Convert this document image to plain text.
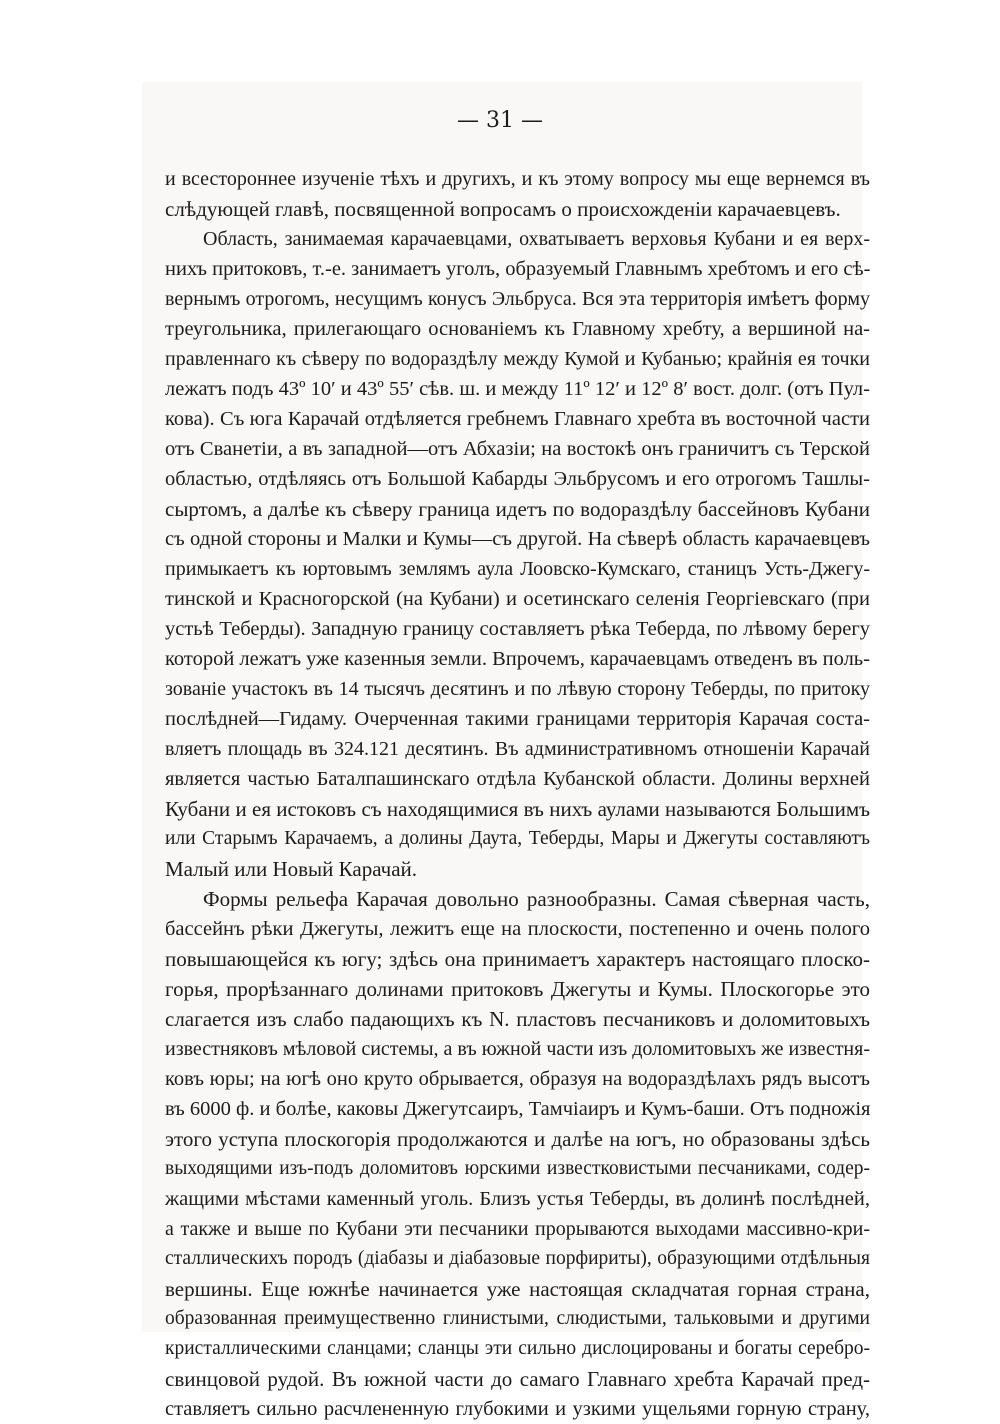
— 31 —
и всестороннее изученіе тѣхъ и другихъ, и къ этому вопросу мы еще вернемся въ
слѣдующей главѣ, посвященной вопросамъ о происхожденіи карачаевцевъ.
Область, занимаемая карачаевцами, охватываетъ верховья Кубани и ея верх-
нихъ притоковъ, т.-е. занимаетъ уголъ, образуемый Главнымъ хребтомъ и его сѣ-
вернымъ отрогомъ, несущимъ конусъ Эльбруса. Вся эта территорія имѣетъ форму
треугольника, прилегающаго основаніемъ къ Главному хребту, а вершиной на-
правленнаго къ сѣверу по водораздѣлу между Кумой и Кубанью; крайнія ея точки
лежатъ подъ 43º 10′ и 43º 55′ сѣв. ш. и между 11º 12′ и 12º 8′ вост. долг. (отъ Пул-
кова). Съ юга Карачай отдѣляется гребнемъ Главнаго хребта въ восточной части
отъ Сванетіи, а въ западной—отъ Абхазіи; на востокѣ онъ граничитъ съ Терской
областью, отдѣляясь отъ Большой Кабарды Эльбрусомъ и его отрогомъ Ташлы-
сыртомъ, а далѣе къ сѣверу граница идетъ по водораздѣлу бассейновъ Кубани
съ одной стороны и Малки и Кумы—съ другой. На сѣверѣ область карачаевцевъ
примыкаетъ къ юртовымъ землямъ аула Лоовско-Кумскаго, станицъ Усть-Джегу-
тинской и Красногорской (на Кубани) и осетинскаго селенія Георгіевскаго (при
устьѣ Теберды). Западную границу составляетъ рѣка Теберда, по лѣвому берегу
которой лежатъ уже казенныя земли. Впрочемъ, карачаевцамъ отведенъ въ поль-
зованіе участокъ въ 14 тысячъ десятинъ и по лѣвую сторону Теберды, по притоку
послѣдней—Гидаму. Очерченная такими границами территорія Карачая соста-
вляетъ площадь въ 324.121 десятинъ. Въ административномъ отношеніи Карачай
является частью Баталпашинскаго отдѣла Кубанской области. Долины верхней
Кубани и ея истоковъ съ находящимися въ нихъ аулами называются Большимъ
или Старымъ Карачаемъ, а долины Даута, Теберды, Мары и Джегуты составляютъ
Малый или Новый Карачай.
Формы рельефа Карачая довольно разнообразны. Самая сѣверная часть,
бассейнъ рѣки Джегуты, лежитъ еще на плоскости, постепенно и очень полого
повышающейся къ югу; здѣсь она принимаетъ характеръ настоящаго плоско-
горья, прорѣзаннаго долинами притоковъ Джегуты и Кумы. Плоскогорье это
слагается изъ слабо падающихъ къ N. пластовъ песчаниковъ и доломитовыхъ
известняковъ мѣловой системы, а въ южной части изъ доломитовыхъ же известня-
ковъ юры; на югѣ оно круто обрывается, образуя на водораздѣлахъ рядъ высотъ
въ 6000 ф. и болѣе, каковы Джегутсаиръ, Тамчіаиръ и Кумъ-баши. Отъ подножія
этого уступа плоскогорія продолжаются и далѣе на югъ, но образованы здѣсь
выходящими изъ-подъ доломитовъ юрскими известковистыми песчаниками, содер-
жащими мѣстами каменный уголь. Близъ устья Теберды, въ долинѣ послѣдней,
а также и выше по Кубани эти песчаники прорываются выходами массивно-кри-
сталлическихъ породъ (діабазы и діабазовые порфириты), образующими отдѣльныя
вершины. Еще южнѣе начинается уже настоящая складчатая горная страна,
образованная преимущественно глинистыми, слюдистыми, тальковыми и другими
кристаллическими сланцами; сланцы эти сильно дислоцированы и богаты серебро-
свинцовой рудой. Въ южной части до самаго Главнаго хребта Карачай пред-
ставляетъ сильно расчлененную глубокими и узкими ущельями горную страну,
